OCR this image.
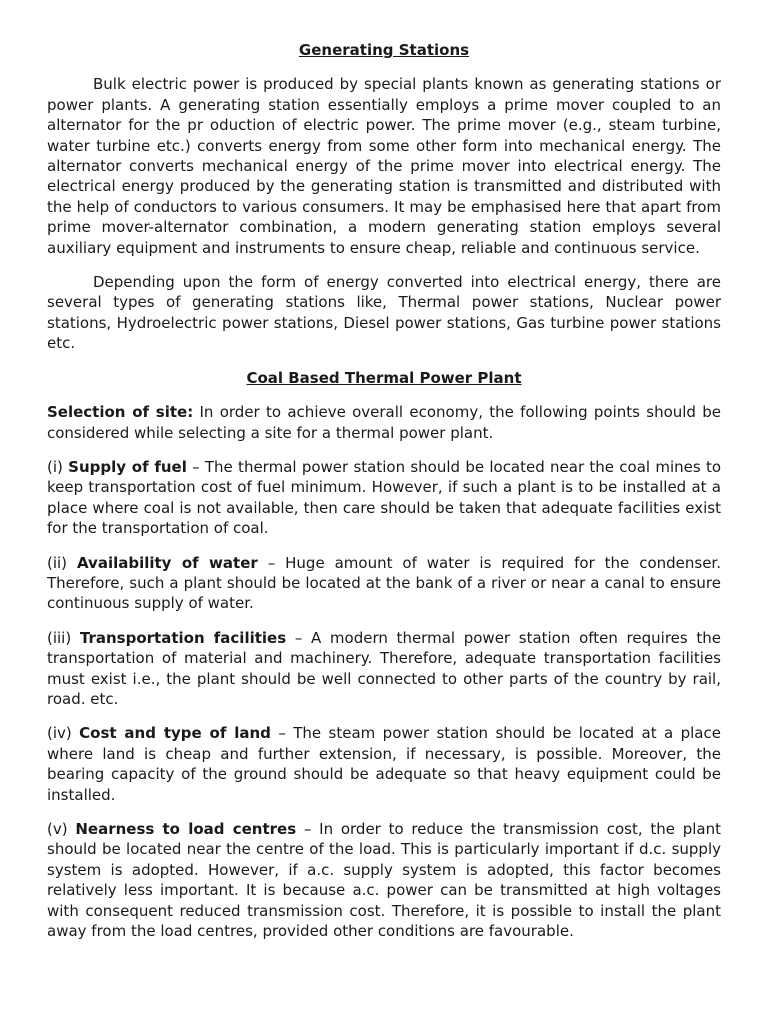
Generating Stations

Bulk electric power is produced by special plants known as generating stations or power plants. A generating station essentially employs a prime mover coupled to an alternator for the pr oduction of electric power. The prime mover (e.g., steam turbine, water turbine etc.) converts energy from some other form into mechanical energy. The alternator converts mechanical energy of the prime mover into electrical energy. The electrical energy produced by the generating station is transmitted and distributed with the help of conductors to various consumers. It may be emphasised here that apart from prime mover-alternator combination, a modern generating station employs several auxiliary equipment and instruments to ensure cheap, reliable and continuous service.

Depending upon the form of energy converted into electrical energy, there are several types of generating stations like, Thermal power stations, Nuclear power stations, Hydroelectric power stations, Diesel power stations, Gas turbine power stations etc.

Coal Based Thermal Power Plant

Selection of site: In order to achieve overall economy, the following points should be considered while selecting a site for a thermal power plant.

(i) Supply of fuel – The thermal power station should be located near the coal mines to keep transportation cost of fuel minimum. However, if such a plant is to be installed at a place where coal is not available, then care should be taken that adequate facilities exist for the transportation of coal.

(ii) Availability of water – Huge amount of water is required for the condenser. Therefore, such a plant should be located at the bank of a river or near a canal to ensure continuous supply of water.

(iii) Transportation facilities – A modern thermal power station often requires the transportation of material and machinery. Therefore, adequate transportation facilities must exist i.e., the plant should be well connected to other parts of the country by rail, road. etc.

(iv) Cost and type of land – The steam power station should be located at a place where land is cheap and further extension, if necessary, is possible. Moreover, the bearing capacity of the ground should be adequate so that heavy equipment could be installed.

(v) Nearness to load centres – In order to reduce the transmission cost, the plant should be located near the centre of the load. This is particularly important if d.c. supply system is adopted. However, if a.c. supply system is adopted, this factor becomes relatively less important. It is because a.c. power can be transmitted at high voltages with consequent reduced transmission cost. Therefore, it is possible to install the plant away from the load centres, provided other conditions are favourable.
